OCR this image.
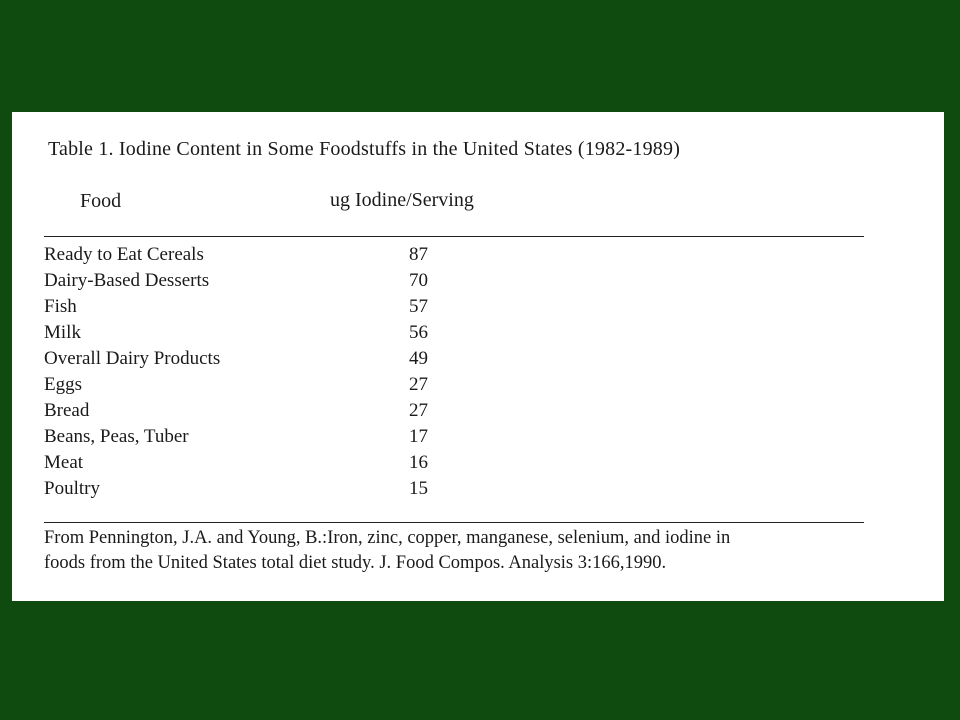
Table 1. Iodine Content in Some Foodstuffs in the United States (1982-1989)
Food	ug Iodine/Serving
Ready to Eat Cereals	87
Dairy-Based Desserts	70
Fish	57
Milk	56
Overall Dairy Products	49
Eggs	27
Bread	27
Beans, Peas, Tuber	17
Meat	16
Poultry	15
From Pennington, J.A. and Young, B.:Iron, zinc, copper, manganese, selenium, and iodine in
foods from the United States total diet study. J. Food Compos. Analysis 3:166,1990.
